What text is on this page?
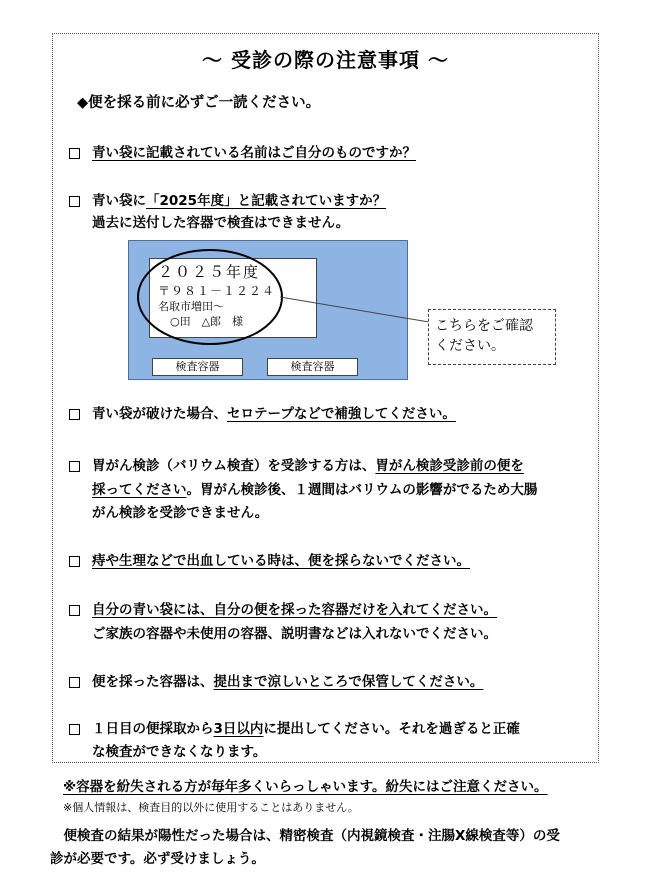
～ 受診の際の注意事項 ～
◆便を採る前に必ずご一読ください。
青い袋に記載されている名前はご自分のものですか？
青い袋に「2025年度」と記載されていますか？
過去に送付した容器で検査はできません。
２０２５年度
〒９８１－１２２４
名取市増田～
○田　△郎　様
検査容器	検査容器
こちらをご確認
ください。
青い袋が破けた場合、セロテープなどで補強してください。
胃がん検診（バリウム検査）を受診する方は、胃がん検診受診前の便を
採ってください。胃がん検診後、１週間はバリウムの影響がでるため大腸
がん検診を受診できません。
痔や生理などで出血している時は、便を採らないでください。
自分の青い袋には、自分の便を採った容器だけを入れてください。
ご家族の容器や未使用の容器、説明書などは入れないでください。
便を採った容器は、提出まで涼しいところで保管してください。
１日目の便採取から3日以内に提出してください。それを過ぎると正確
な検査ができなくなります。
※容器を紛失される方が毎年多くいらっしゃいます。紛失にはご注意ください。
※個人情報は、検査目的以外に使用することはありません。
　便検査の結果が陽性だった場合は、精密検査（内視鏡検査・注腸X線検査等）の受
診が必要です。必ず受けましょう。
